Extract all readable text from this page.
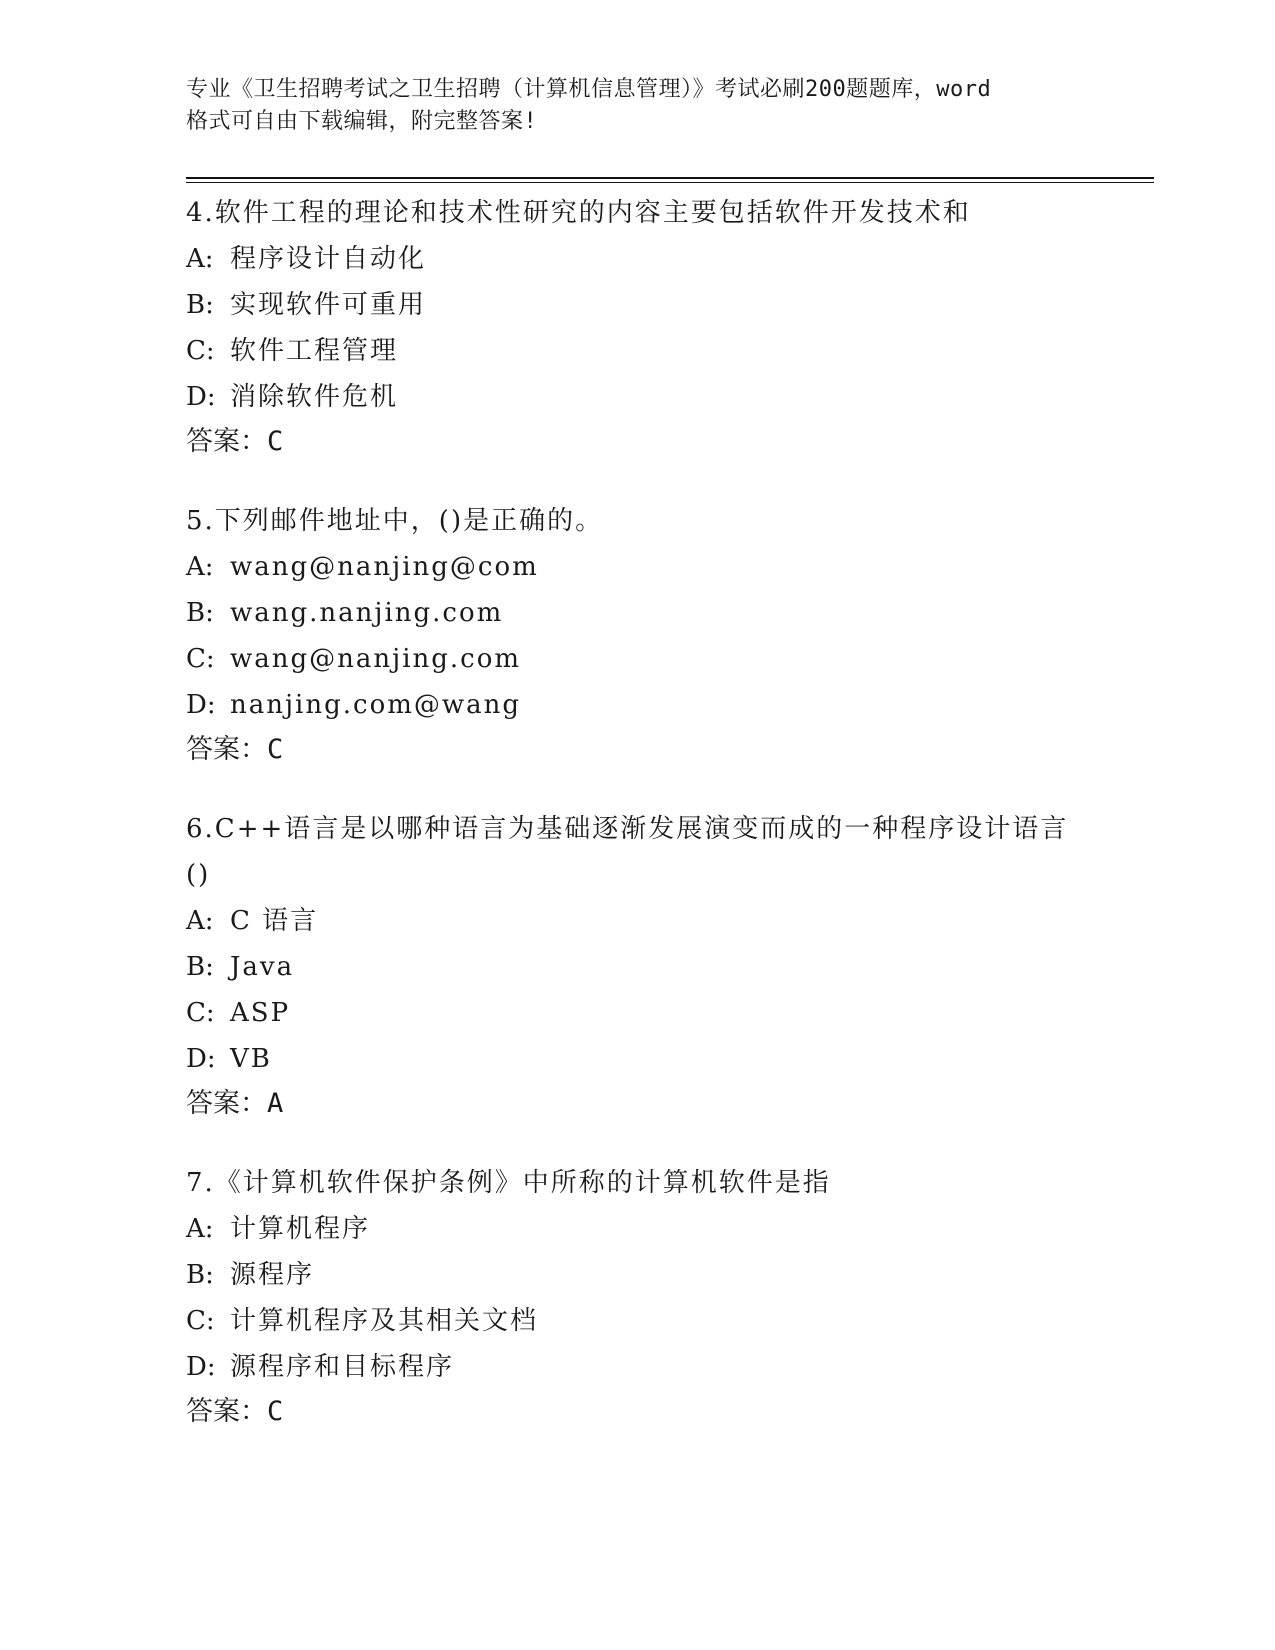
专业《卫生招聘考试之卫生招聘（计算机信息管理）》考试必刷200题题库，word
格式可自由下载编辑，附完整答案!

4.软件工程的理论和技术性研究的内容主要包括软件开发技术和

A: 程序设计自动化

B: 实现软件可重用

C: 软件工程管理

D: 消除软件危机

答案：C

5.下列邮件地址中，()是正确的。

A: wang@nanjing@com

B: wang.nanjing.com

C: wang@nanjing.com

D: nanjing.com@wang

答案：C

6.C++语言是以哪种语言为基础逐渐发展演变而成的一种程序设计语言

()

A: C 语言

B: Java

C: ASP

D: VB

答案：A

7.《计算机软件保护条例》中所称的计算机软件是指

A: 计算机程序

B: 源程序

C: 计算机程序及其相关文档

D: 源程序和目标程序

答案：C
